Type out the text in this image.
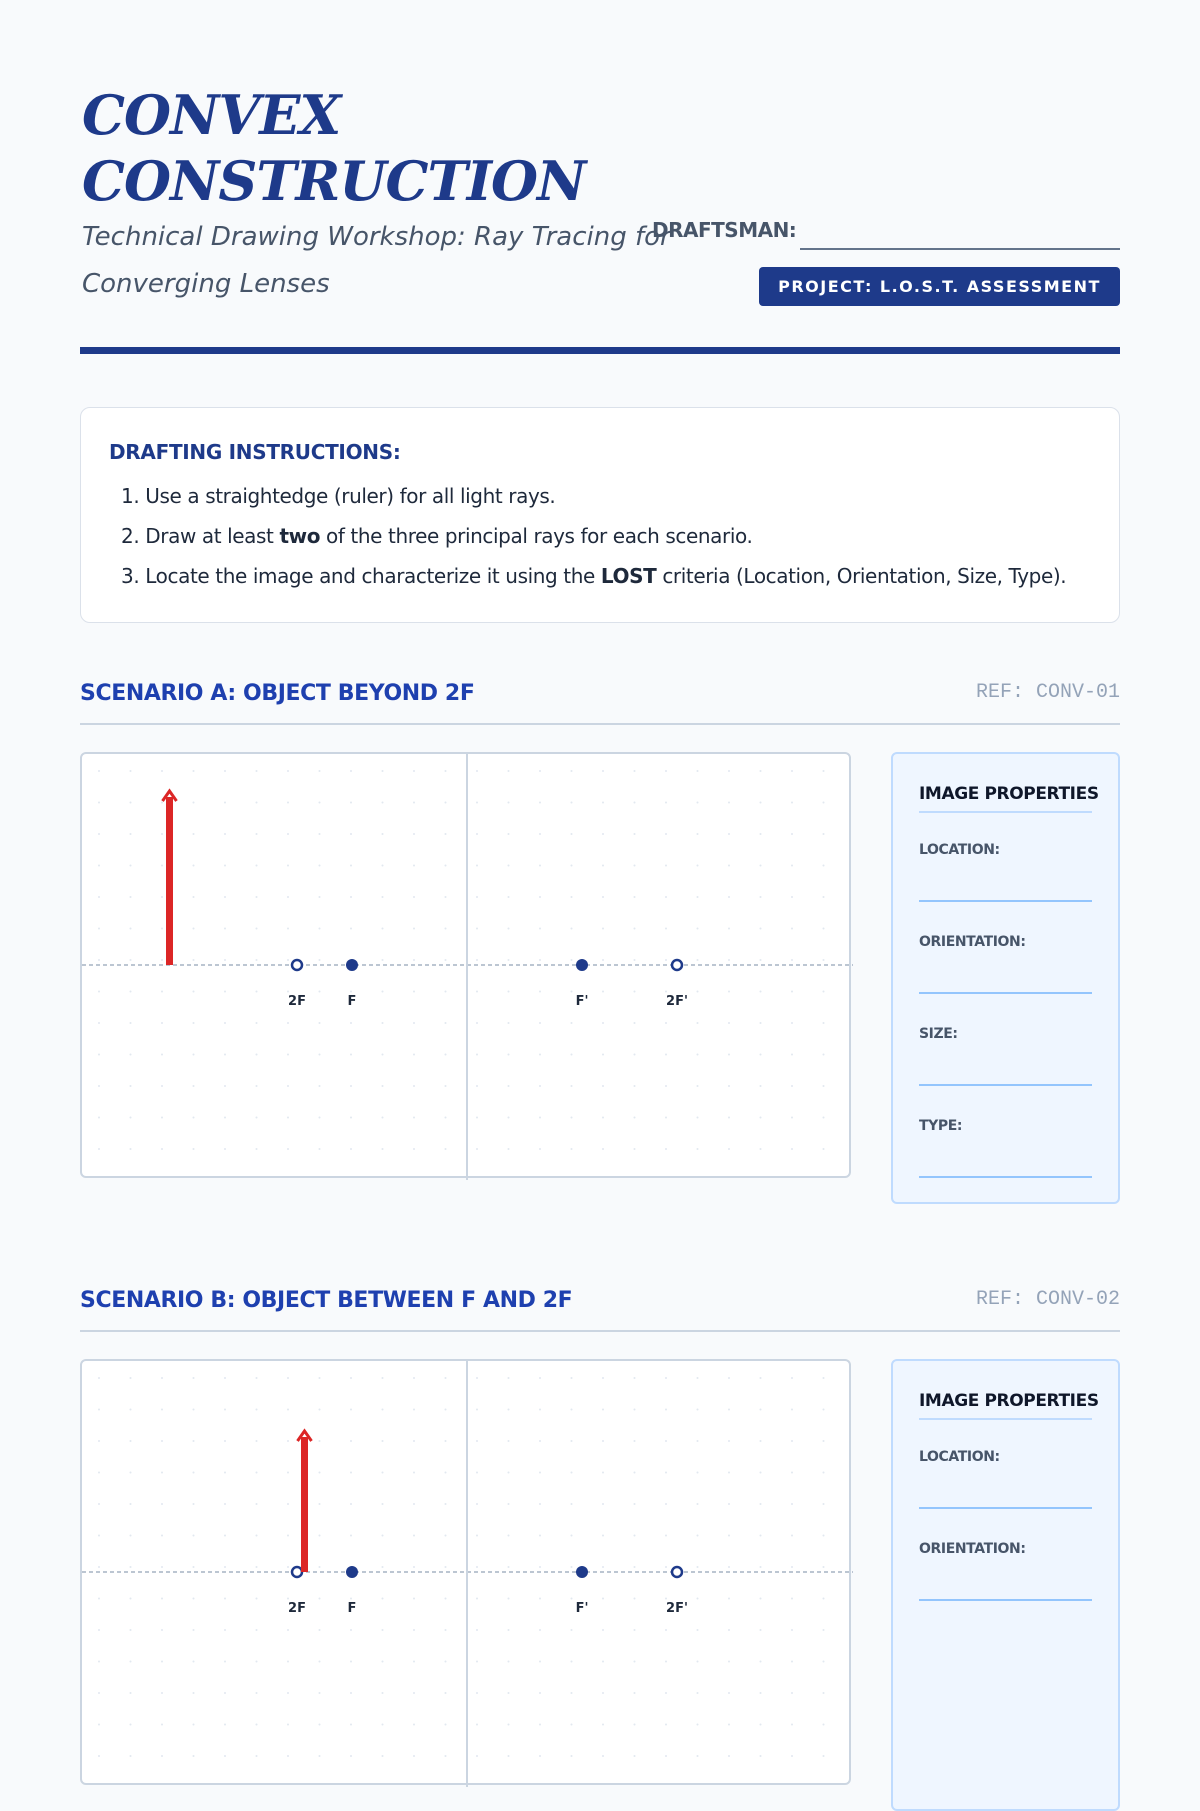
CONVEX
CONSTRUCTION
Technical Drawing Workshop: Ray Tracing for Converging Lenses
DRAFTSMAN:
PROJECT: L.O.S.T. ASSESSMENT
DRAFTING INSTRUCTIONS:
1. Use a straightedge (ruler) for all light rays.
2. Draw at least two of the three principal rays for each scenario.
3. Locate the image and characterize it using the LOST criteria (Location, Orientation, Size, Type).
SCENARIO A: OBJECT BEYOND 2F	REF: CONV-01
2F	F	F'	2F'
IMAGE PROPERTIES
LOCATION:
ORIENTATION:
SIZE:
TYPE:
SCENARIO B: OBJECT BETWEEN F AND 2F	REF: CONV-02
2F	F	F'	2F'
IMAGE PROPERTIES
LOCATION:
ORIENTATION:
